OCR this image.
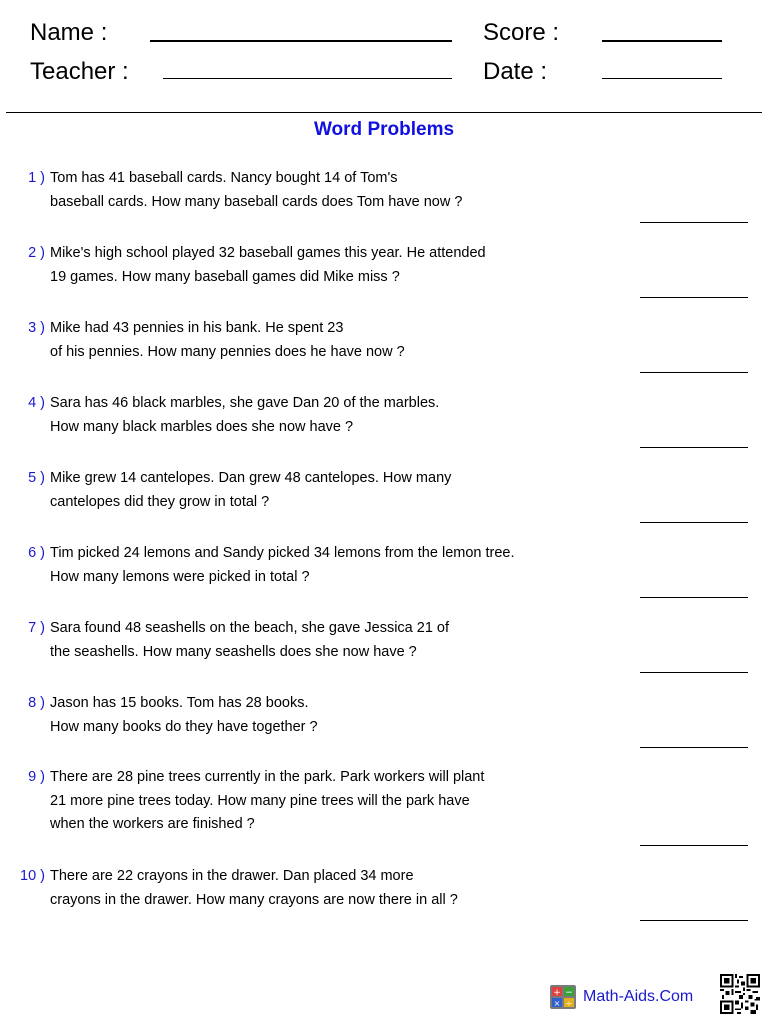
Name :
Teacher :
Score :
Date :
Word Problems
1 ) Tom has 41 baseball cards. Nancy bought 14 of Tom's
baseball cards. How many baseball cards does Tom have now ?
2 ) Mike's high school played 32 baseball games this year. He attended
19 games. How many baseball games did Mike miss ?
3 ) Mike had 43 pennies in his bank. He spent 23
of his pennies. How many pennies does he have now ?
4 ) Sara has 46 black marbles, she gave Dan 20 of the marbles.
How many black marbles does she now have ?
5 ) Mike grew 14 cantelopes. Dan grew 48 cantelopes. How many
cantelopes did they grow in total ?
6 ) Tim picked 24 lemons and Sandy picked 34 lemons from the lemon tree.
How many lemons were picked in total ?
7 ) Sara found 48 seashells on the beach, she gave Jessica 21 of
the seashells. How many seashells does she now have ?
8 ) Jason has 15 books. Tom has 28 books.
How many books do they have together ?
9 ) There are 28 pine trees currently in the park. Park workers will plant
21 more pine trees today. How many pine trees will the park have
when the workers are finished ?
10 ) There are 22 crayons in the drawer. Dan placed 34 more
crayons in the drawer. How many crayons are now there in all ?
+ −
× ÷ Math-Aids.Com
